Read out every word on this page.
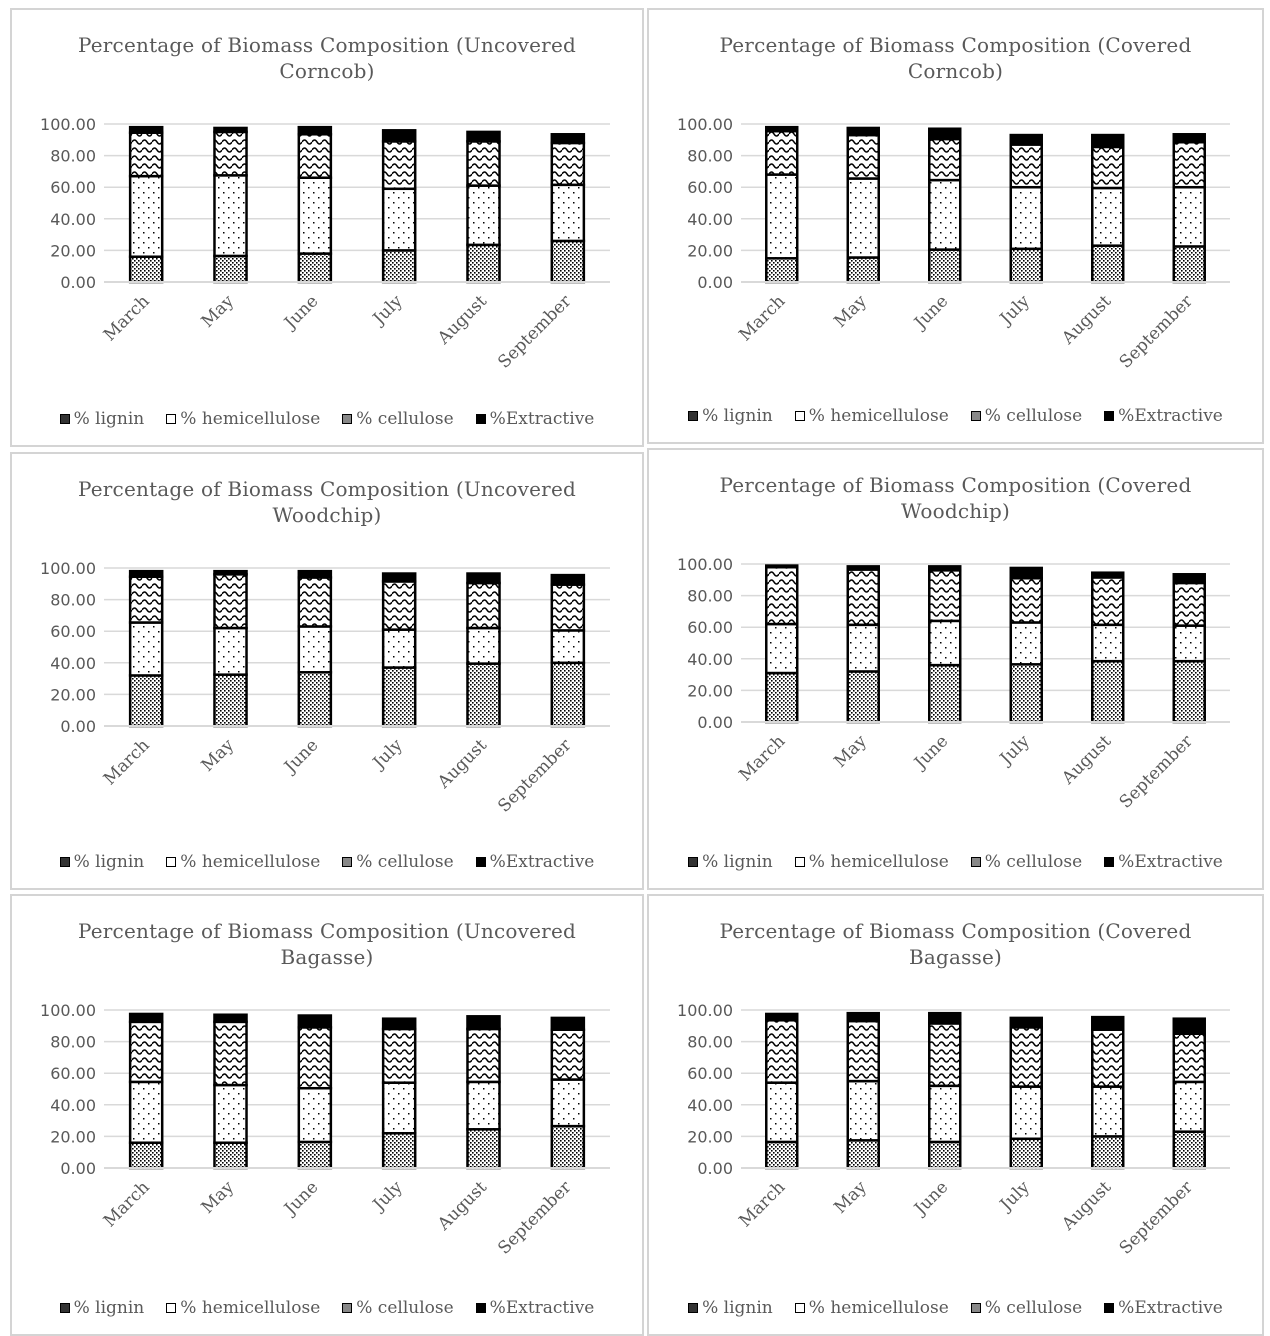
100.00
80.00
60.00
40.00
20.00
0.00
March	May	June	July August September
Percentage of Biomass Composition (Uncovered Corncob)
% lignin % hemicellulose % cellulose %Extractive
100.00
80.00
60.00
40.00
20.00
0.00
March May June	July August September
Percentage of Biomass Composition (Covered Corncob)
% lignin % hemicellulose % cellulose %Extractive
100.00
80.00
60.00
40.00
20.00
0.00
March	May	June	July August September
Percentage of Biomass Composition (Uncovered Woodchip)
% lignin % hemicellulose % cellulose %Extractive
100.00
80.00
60.00
40.00
20.00
0.00
March May June	July August September
Percentage of Biomass Composition (Covered Woodchip)
% lignin % hemicellulose % cellulose %Extractive
100.00
80.00
60.00
40.00
20.00
0.00
March	May	June	July August September
Percentage of Biomass Composition (Uncovered Bagasse)
% lignin % hemicellulose % cellulose %Extractive
100.00
80.00
60.00
40.00
20.00
0.00
March May June	July August September
Percentage of Biomass Composition (Covered Bagasse)
% lignin % hemicellulose % cellulose %Extractive
